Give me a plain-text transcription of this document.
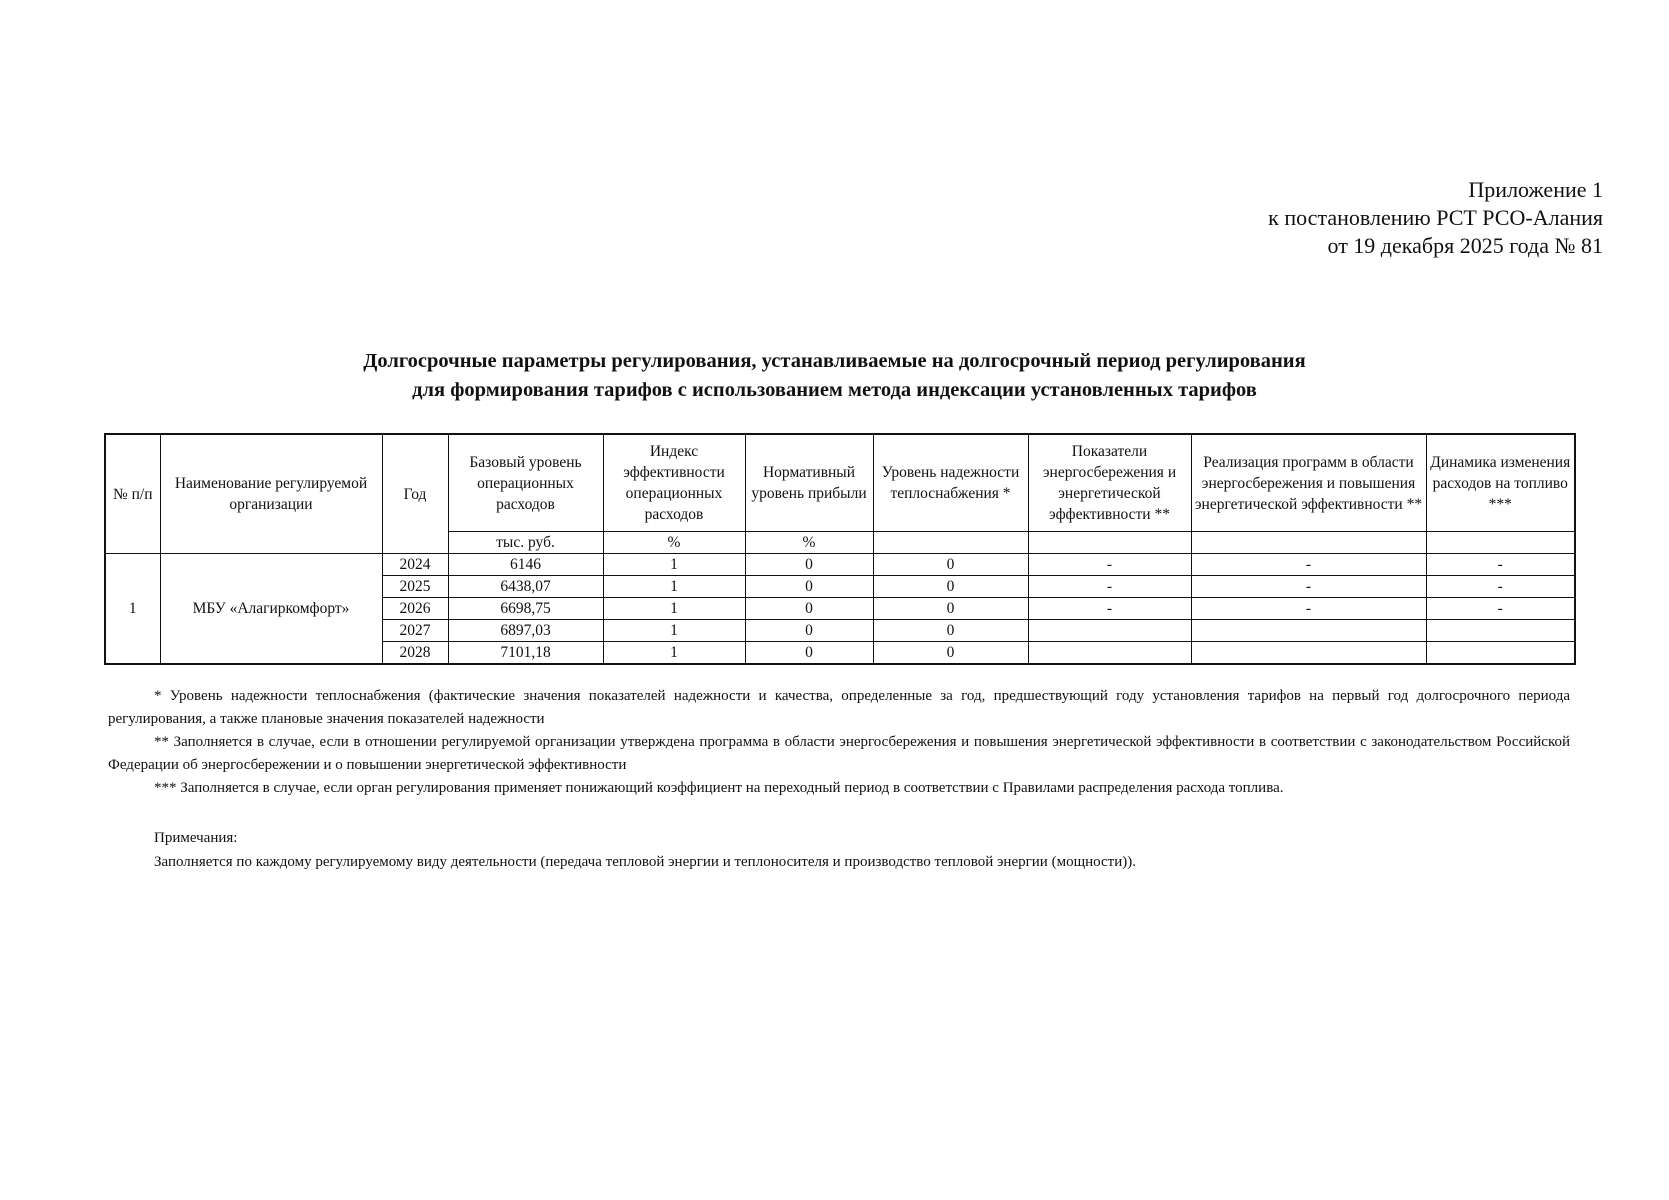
Приложение 1
к постановлению РСТ РСО-Алания
от 19 декабря 2025 года № 81
Долгосрочные параметры регулирования, устанавливаемые на долгосрочный период регулирования
для формирования тарифов с использованием метода индексации установленных тарифов
№ п/п	Наименование регулируемой организации	Год	Базовый уровень операционных расходов	Индекс эффективности операционных расходов	Нормативный уровень прибыли	Уровень надежности теплоснабжения *	Показатели энергосбережения и энергетической эффективности **	Реализация программ в области энергосбережения и повышения энергетической эффективности **	Динамика изменения расходов на топливо ***
			тыс. руб.	%	%				
1	МБУ «Алагиркомфорт»	2024	6146	1	0	0	-	-	-
		2025	6438,07	1	0	0	-	-	-
		2026	6698,75	1	0	0	-	-	-
		2027	6897,03	1	0	0			
		2028	7101,18	1	0	0			

* Уровень надежности теплоснабжения (фактические значения показателей надежности и качества, определенные за год, предшествующий году установления тарифов на первый год долгосрочного периода регулирования, а также плановые значения показателей надежности

** Заполняется в случае, если в отношении регулируемой организации утверждена программа в области энергосбережения и повышения энергетической эффективности в соответствии с законодательством Российской Федерации об энергосбережении и о повышении энергетической эффективности

*** Заполняется в случае, если орган регулирования применяет понижающий коэффициент на переходный период в соответствии с Правилами распределения расхода топлива.

Примечания:

Заполняется по каждому регулируемому виду деятельности (передача тепловой энергии и теплоносителя и производство тепловой энергии (мощности)).
